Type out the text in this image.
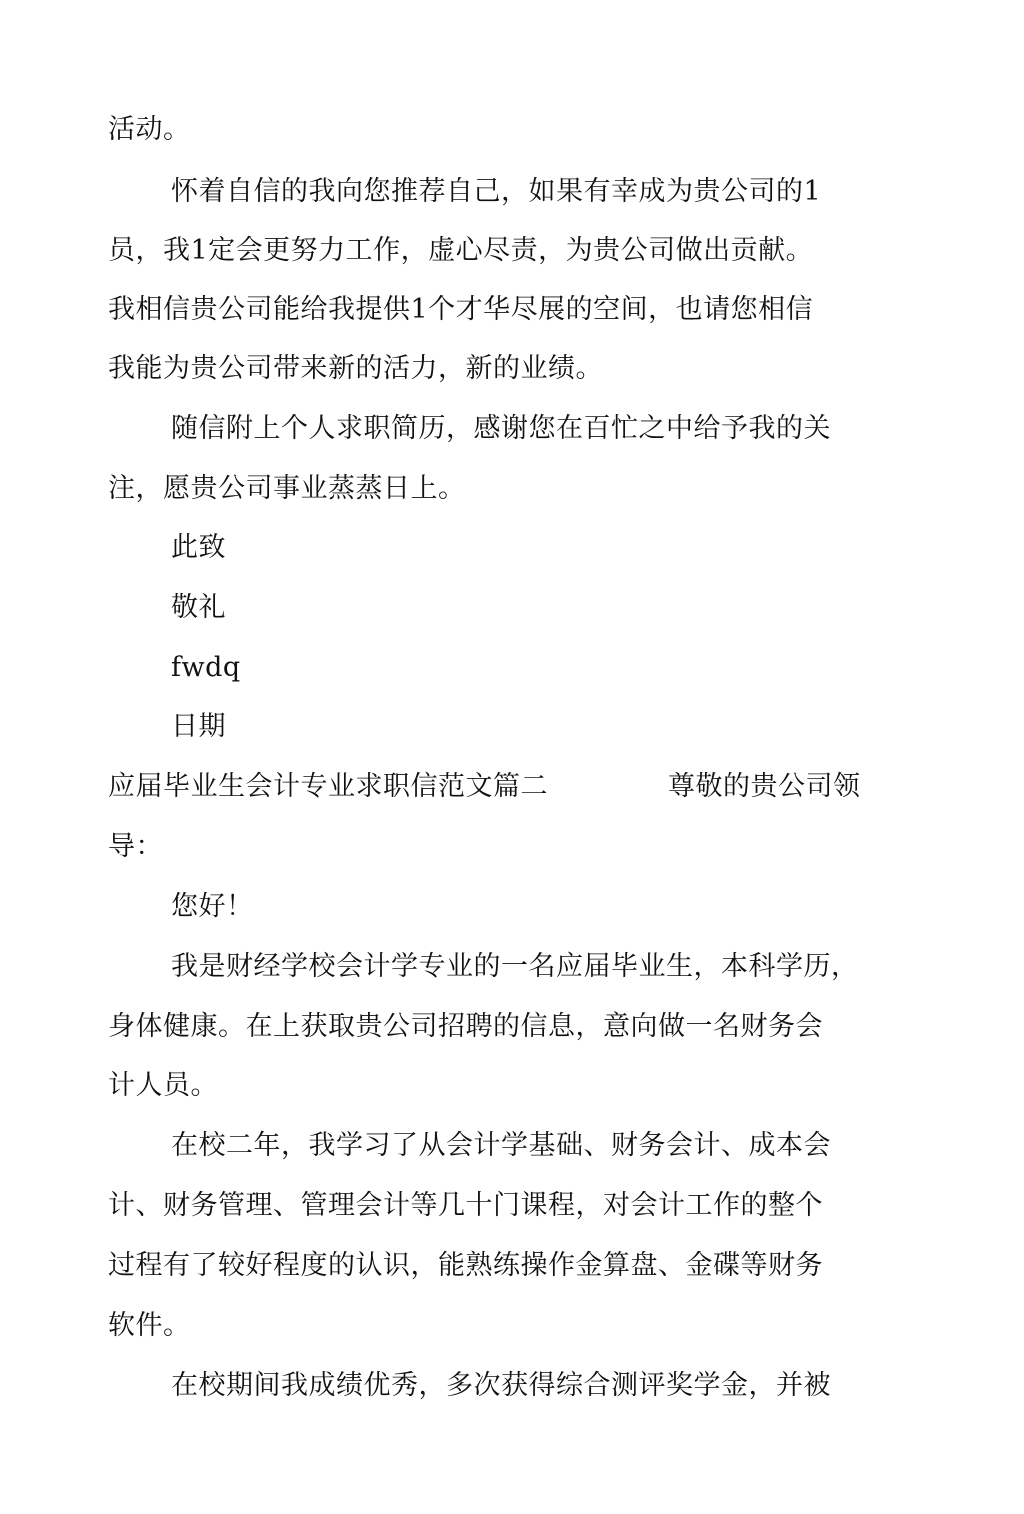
活动。
怀着自信的我向您推荐自己，如果有幸成为贵公司的1
员，我1定会更努力工作，虚心尽责，为贵公司做出贡献。
我相信贵公司能给我提供1个才华尽展的空间，也请您相信
我能为贵公司带来新的活力，新的业绩。
随信附上个人求职简历，感谢您在百忙之中给予我的关
注，愿贵公司事业蒸蒸日上。
此致
敬礼
fwdq
日期
应届毕业生会计专业求职信范文篇二	尊敬的贵公司领
导：
您好！
我是财经学校会计学专业的一名应届毕业生，本科学历，
身体健康。在上获取贵公司招聘的信息，意向做一名财务会
计人员。
在校二年，我学习了从会计学基础、财务会计、成本会
计、财务管理、管理会计等几十门课程，对会计工作的整个
过程有了较好程度的认识，能熟练操作金算盘、金碟等财务
软件。
在校期间我成绩优秀，多次获得综合测评奖学金，并被
